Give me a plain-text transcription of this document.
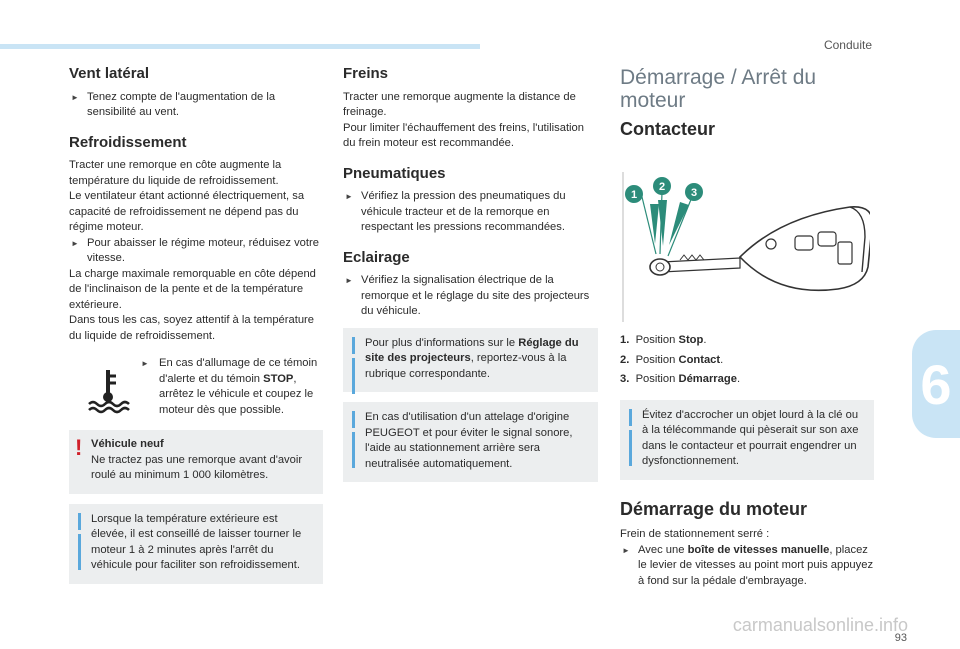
Conduite
6
carmanualsonline.info
93
Vent latéral

► Tenez compte de l'augmentation de la sensibilité au vent.

Refroidissement

Tracter une remorque en côte augmente la température du liquide de refroidissement.

Le ventilateur étant actionné électriquement, sa capacité de refroidissement ne dépend pas du régime moteur.

► Pour abaisser le régime moteur, réduisez votre vitesse.

La charge maximale remorquable en côte dépend de l'inclinaison de la pente et de la température extérieure.

Dans tous les cas, soyez attentif à la température du liquide de refroidissement.

► En cas d'allumage de ce témoin d'alerte et du témoin STOP, arrêtez le véhicule et coupez le moteur dès que possible.

! Véhicule neuf

Ne tractez pas une remorque avant d'avoir roulé au minimum 1 000 kilomètres.

Lorsque la température extérieure est élevée, il est conseillé de laisser tourner le moteur 1 à 2 minutes après l'arrêt du véhicule pour faciliter son refroidissement.

Freins

Tracter une remorque augmente la distance de freinage.

Pour limiter l'échauffement des freins, l'utilisation du frein moteur est recommandée.

Pneumatiques

► Vérifiez la pression des pneumatiques du véhicule tracteur et de la remorque en respectant les pressions recommandées.

Eclairage

► Vérifiez la signalisation électrique de la remorque et le réglage du site des projecteurs du véhicule.

Pour plus d'informations sur le Réglage du site des projecteurs, reportez-vous à la rubrique correspondante.

En cas d'utilisation d'un attelage d'origine PEUGEOT et pour éviter le signal sonore, l'aide au stationnement arrière sera neutralisée automatiquement.

Démarrage / Arrêt du moteur
Contacteur
1
2 3

1. Position Stop.

2. Position Contact.

3. Position Démarrage.

Évitez d'accrocher un objet lourd à la clé ou à la télécommande qui pèserait sur son axe dans le contacteur et pourrait engendrer un dysfonctionnement.

Démarrage du moteur

Frein de stationnement serré :

► Avec une boîte de vitesses manuelle, placez le levier de vitesses au point mort puis appuyez à fond sur la pédale d'embrayage.
